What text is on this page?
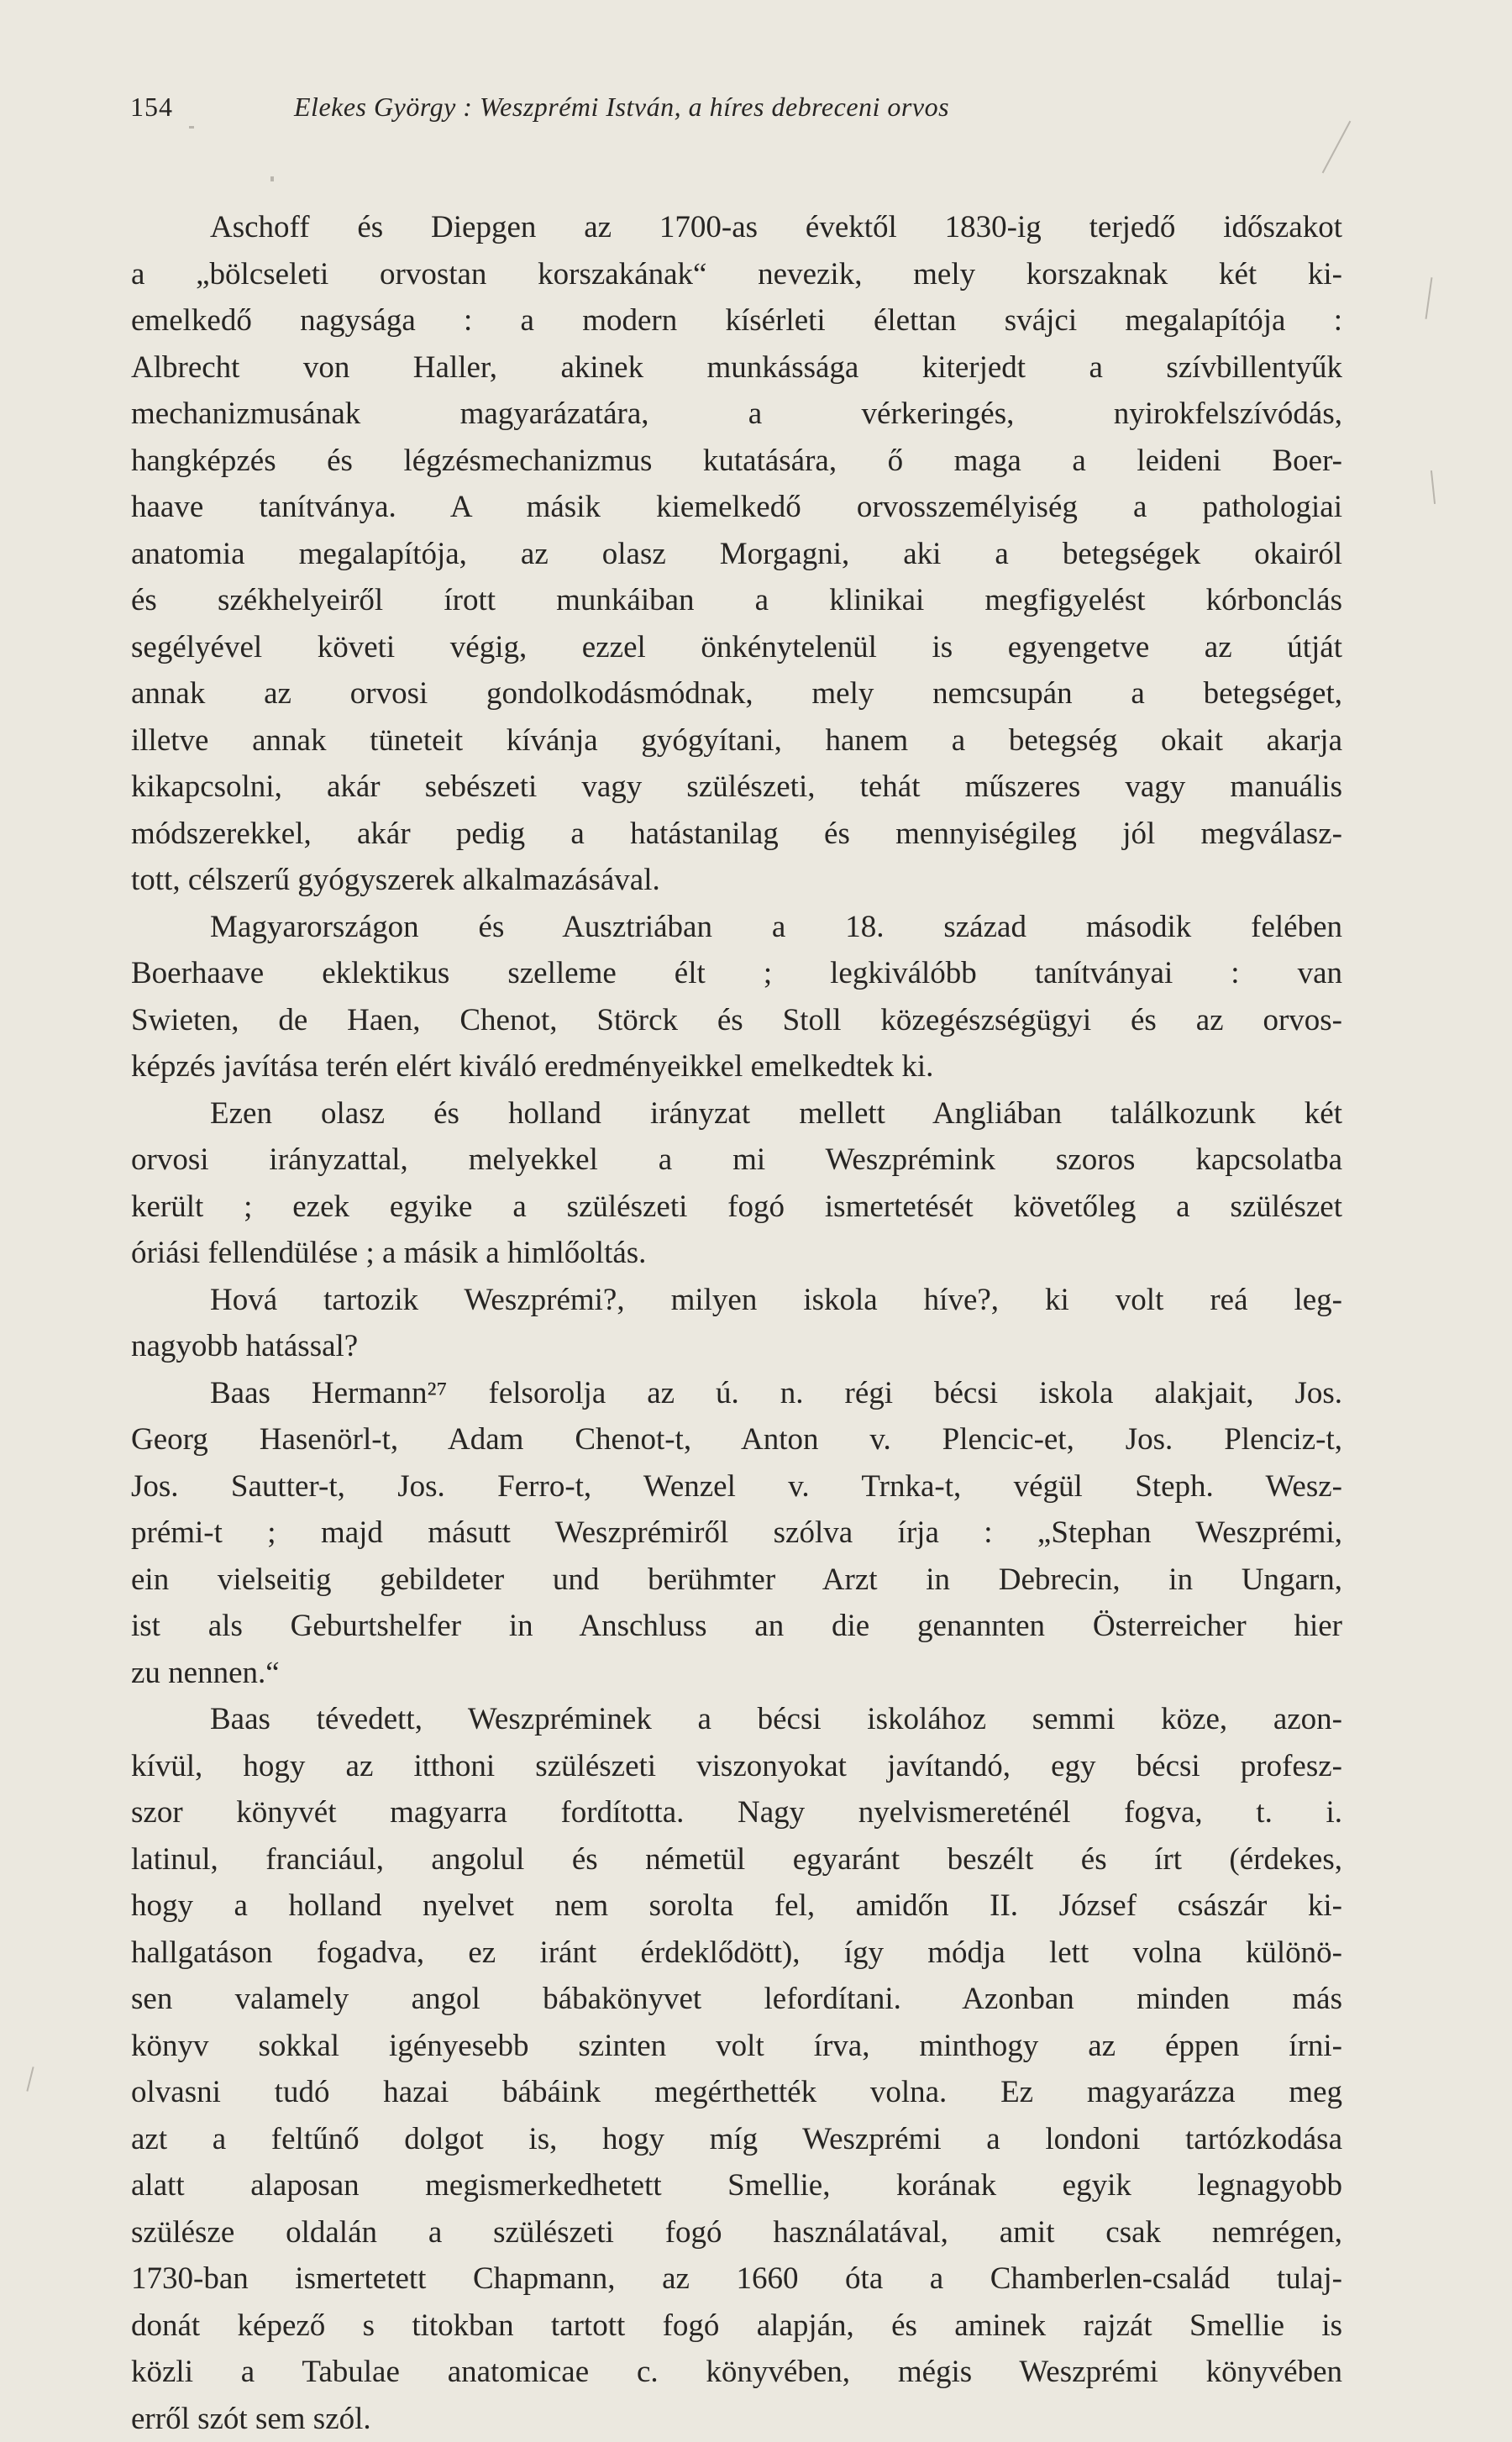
154	Elekes György : Weszprémi István, a híres debreceni orvos
Aschoff és Diepgen az 1700-as évektől 1830-ig terjedő időszakot
a „bölcseleti orvostan korszakának“ nevezik, mely korszaknak két ki-
emelkedő nagysága : a modern kísérleti élettan svájci megalapítója :
Albrecht von Haller, akinek munkássága kiterjedt a szívbillentyűk
mechanizmusának magyarázatára, a vérkeringés, nyirokfelszívódás,
hangképzés és légzésmechanizmus kutatására, ő maga a leideni Boer-
haave tanítványa. A másik kiemelkedő orvosszemélyiség a pathologiai
anatomia megalapítója, az olasz Morgagni, aki a betegségek okairól
és székhelyeiről írott munkáiban a klinikai megfigyelést kórbonclás
segélyével követi végig, ezzel önkénytelenül is egyengetve az útját
annak az orvosi gondolkodásmódnak, mely nemcsupán a betegséget,
illetve annak tüneteit kívánja gyógyítani, hanem a betegség okait akarja
kikapcsolni, akár sebészeti vagy szülészeti, tehát műszeres vagy manuális
módszerekkel, akár pedig a hatástanilag és mennyiségileg jól megválasz-
tott, célszerű gyógyszerek alkalmazásával.
Magyarországon és Ausztriában a 18. század második felében
Boerhaave eklektikus szelleme élt ; legkiválóbb tanítványai : van
Swieten, de Haen, Chenot, Störck és Stoll közegészségügyi és az orvos-
képzés javítása terén elért kiváló eredményeikkel emelkedtek ki.
Ezen olasz és holland irányzat mellett Angliában találkozunk két
orvosi irányzattal, melyekkel a mi Weszprémink szoros kapcsolatba
került ; ezek egyike a szülészeti fogó ismertetését követőleg a szülészet
óriási fellendülése ; a másik a himlőoltás.
Hová tartozik Weszprémi?, milyen iskola híve?, ki volt reá leg-
nagyobb hatással?
Baas Hermann²⁷ felsorolja az ú. n. régi bécsi iskola alakjait, Jos.
Georg Hasenörl-t, Adam Chenot-t, Anton v. Plencic-et, Jos. Plenciz-t,
Jos. Sautter-t, Jos. Ferro-t, Wenzel v. Trnka-t, végül Steph. Wesz-
prémi-t ; majd másutt Weszprémiről szólva írja : „Stephan Weszprémi,
ein vielseitig gebildeter und berühmter Arzt in Debrecin, in Ungarn,
ist als Geburtshelfer in Anschluss an die genannten Österreicher hier
zu nennen.“
Baas tévedett, Weszpréminek a bécsi iskolához semmi köze, azon-
kívül, hogy az itthoni szülészeti viszonyokat javítandó, egy bécsi profesz-
szor könyvét magyarra fordította. Nagy nyelvismereténél fogva, t. i.
latinul, franciául, angolul és németül egyaránt beszélt és írt (érdekes,
hogy a holland nyelvet nem sorolta fel, amidőn II. József császár ki-
hallgatáson fogadva, ez iránt érdeklődött), így módja lett volna különö-
sen valamely angol bábakönyvet lefordítani. Azonban minden más
könyv sokkal igényesebb szinten volt írva, minthogy az éppen írni-
olvasni tudó hazai bábáink megérthették volna. Ez magyarázza meg
azt a feltűnő dolgot is, hogy míg Weszprémi a londoni tartózkodása
alatt alaposan megismerkedhetett Smellie, korának egyik legnagyobb
szülésze oldalán a szülészeti fogó használatával, amit csak nemrégen,
1730-ban ismertetett Chapmann, az 1660 óta a Chamberlen-család tulaj-
donát képező s titokban tartott fogó alapján, és aminek rajzát Smellie is
közli a Tabulae anatomicae c. könyvében, mégis Weszprémi könyvében
erről szót sem szól.
